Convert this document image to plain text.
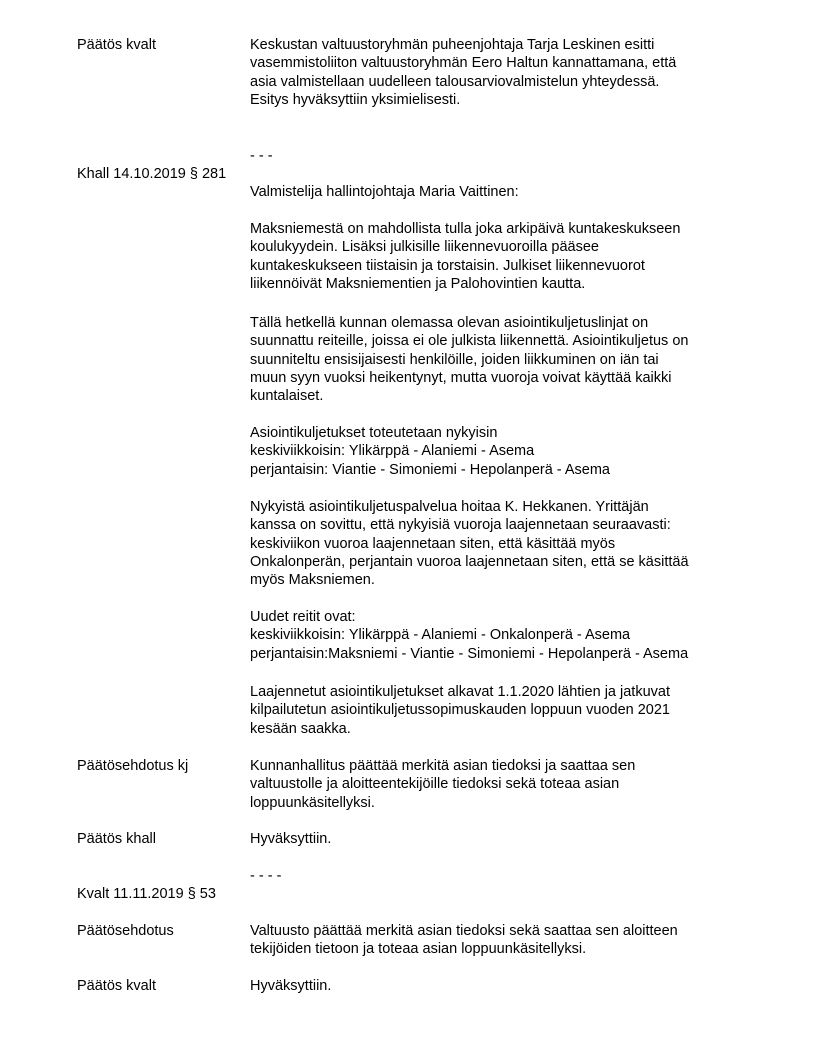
Päätös kvalt	Keskustan valtuustoryhmän puheenjohtaja Tarja Leskinen esitti
vasemmistoliiton valtuustoryhmän Eero Haltun kannattamana, että
asia valmistellaan uudelleen talousarviovalmistelun yhteydessä.
Esitys hyväksyttiin yksimielisesti.
- - -
Khall 14.10.2019 § 281
Valmistelija hallintojohtaja Maria Vaittinen:
Maksniemestä on mahdollista tulla joka arkipäivä kuntakeskukseen
koulukyydein. Lisäksi julkisille liikennevuoroilla pääsee
kuntakeskukseen tiistaisin ja torstaisin. Julkiset liikennevuorot
liikennöivät Maksniementien ja Palohovintien kautta.
Tällä hetkellä kunnan olemassa olevan asiointikuljetuslinjat on
suunnattu reiteille, joissa ei ole julkista liikennettä. Asiointikuljetus on
suunniteltu ensisijaisesti henkilöille, joiden liikkuminen on iän tai
muun syyn vuoksi heikentynyt, mutta vuoroja voivat käyttää kaikki
kuntalaiset.
Asiointikuljetukset toteutetaan nykyisin
keskiviikkoisin: Ylikärppä - Alaniemi - Asema
perjantaisin: Viantie - Simoniemi - Hepolanperä - Asema
Nykyistä asiointikuljetuspalvelua hoitaa K. Hekkanen. Yrittäjän
kanssa on sovittu, että nykyisiä vuoroja laajennetaan seuraavasti:
keskiviikon vuoroa laajennetaan siten, että käsittää myös
Onkalonperän, perjantain vuoroa laajennetaan siten, että se käsittää
myös Maksniemen.
Uudet reitit ovat:
keskiviikkoisin: Ylikärppä - Alaniemi - Onkalonperä - Asema
perjantaisin:Maksniemi - Viantie - Simoniemi - Hepolanperä - Asema
Laajennetut asiointikuljetukset alkavat 1.1.2020 lähtien ja jatkuvat
kilpailutetun asiointikuljetussopimuskauden loppuun vuoden 2021
kesään saakka.
Päätösehdotus kj	Kunnanhallitus päättää merkitä asian tiedoksi ja saattaa sen
valtuustolle ja aloitteentekijöille tiedoksi sekä toteaa asian
loppuunkäsitellyksi.
Päätös khall	Hyväksyttiin.
- - - -
Kvalt 11.11.2019 § 53
Päätösehdotus	Valtuusto päättää merkitä asian tiedoksi sekä saattaa sen aloitteen
tekijöiden tietoon ja toteaa asian loppuunkäsitellyksi.
Päätös kvalt	Hyväksyttiin.
